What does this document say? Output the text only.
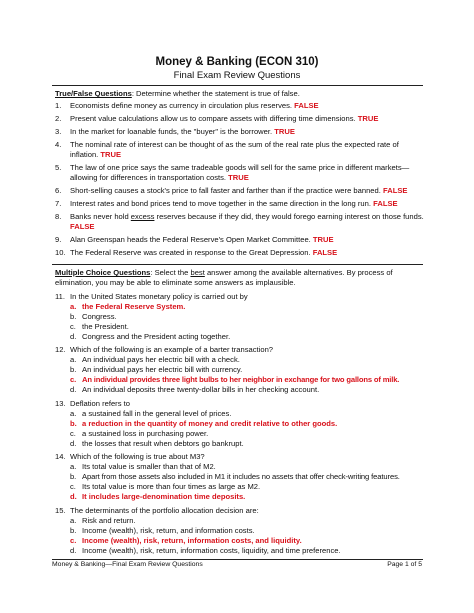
Money & Banking (ECON 310)
Final Exam Review Questions
True/False Questions: Determine whether the statement is true of false.
1.	Economists define money as currency in circulation plus reserves. FALSE
2.	Present value calculations allow us to compare assets with differing time dimensions. TRUE
3.	In the market for loanable funds, the "buyer" is the borrower. TRUE
4.	The nominal rate of interest can be thought of as the sum of the real rate plus the expected rate of inflation. TRUE
5.	The law of one price says the same tradeable goods will sell for the same price in different markets—allowing for differences in transportation costs. TRUE
6.	Short-selling causes a stock's price to fall faster and farther than if the practice were banned. FALSE
7.	Interest rates and bond prices tend to move together in the same direction in the long run. FALSE
8.	Banks never hold excess reserves because if they did, they would forego earning interest on those funds. FALSE
9.	Alan Greenspan heads the Federal Reserve's Open Market Committee. TRUE
10. The Federal Reserve was created in response to the Great Depression. FALSE
Multiple Choice Questions: Select the best answer among the available alternatives. By process of elimination, you may be able to eliminate some answers as implausible.
11. In the United States monetary policy is carried out by
a. the Federal Reserve System.
b. Congress.
c. the President.
d. Congress and the President acting together.
12. Which of the following is an example of a barter transaction?
a. An individual pays her electric bill with a check.
b. An individual pays her electric bill with currency.
c. An individual provides three light bulbs to her neighbor in exchange for two gallons of milk.
d. An individual deposits three twenty-dollar bills in her checking account.
13. Deflation refers to
a. a sustained fall in the general level of prices.
b. a reduction in the quantity of money and credit relative to other goods.
c. a sustained loss in purchasing power.
d. the losses that result when debtors go bankrupt.
14. Which of the following is true about M3?
a. Its total value is smaller than that of M2.
b. Apart from those assets also included in M1 it includes no assets that offer check-writing features.
c. Its total value is more than four times as large as M2.
d. It includes large-denomination time deposits.
15. The determinants of the portfolio allocation decision are:
a. Risk and return.
b. Income (wealth), risk, return, and information costs.
c. Income (wealth), risk, return, information costs, and liquidity.
d. Income (wealth), risk, return, information costs, liquidity, and time preference.
Money & Banking—Final Exam Review Questions	Page 1 of 5
